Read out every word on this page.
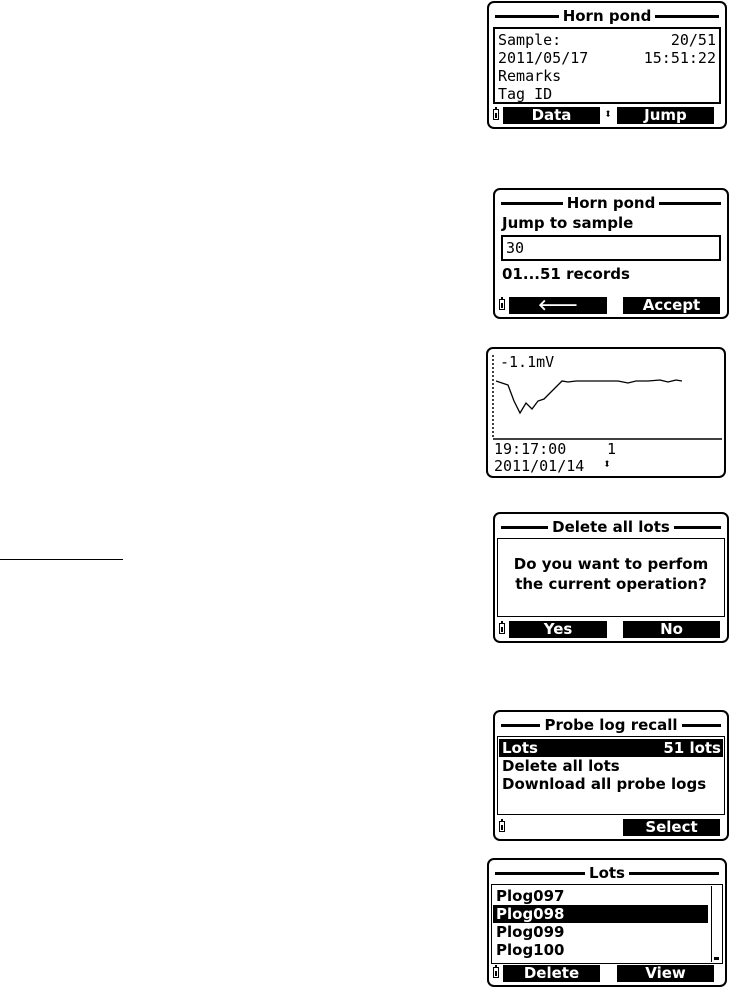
Horn pond
Sample:	20/51
2011/05/17	15:51:22
Remarks
Tag ID
Data	⬍	Jump
Horn pond
Jump to sample
30
01...51 records
🡐	Accept
-1.1mV
19:17:00	1
2011/01/14 ⬍
Delete all lots
Do you want to perfom
the current operation?
Yes	No
Probe log recall
Lots	51 lots
Delete all lots
Download all probe logs
Select
Lots
Plog097
Plog098
Plog099
Plog100
Delete	View
